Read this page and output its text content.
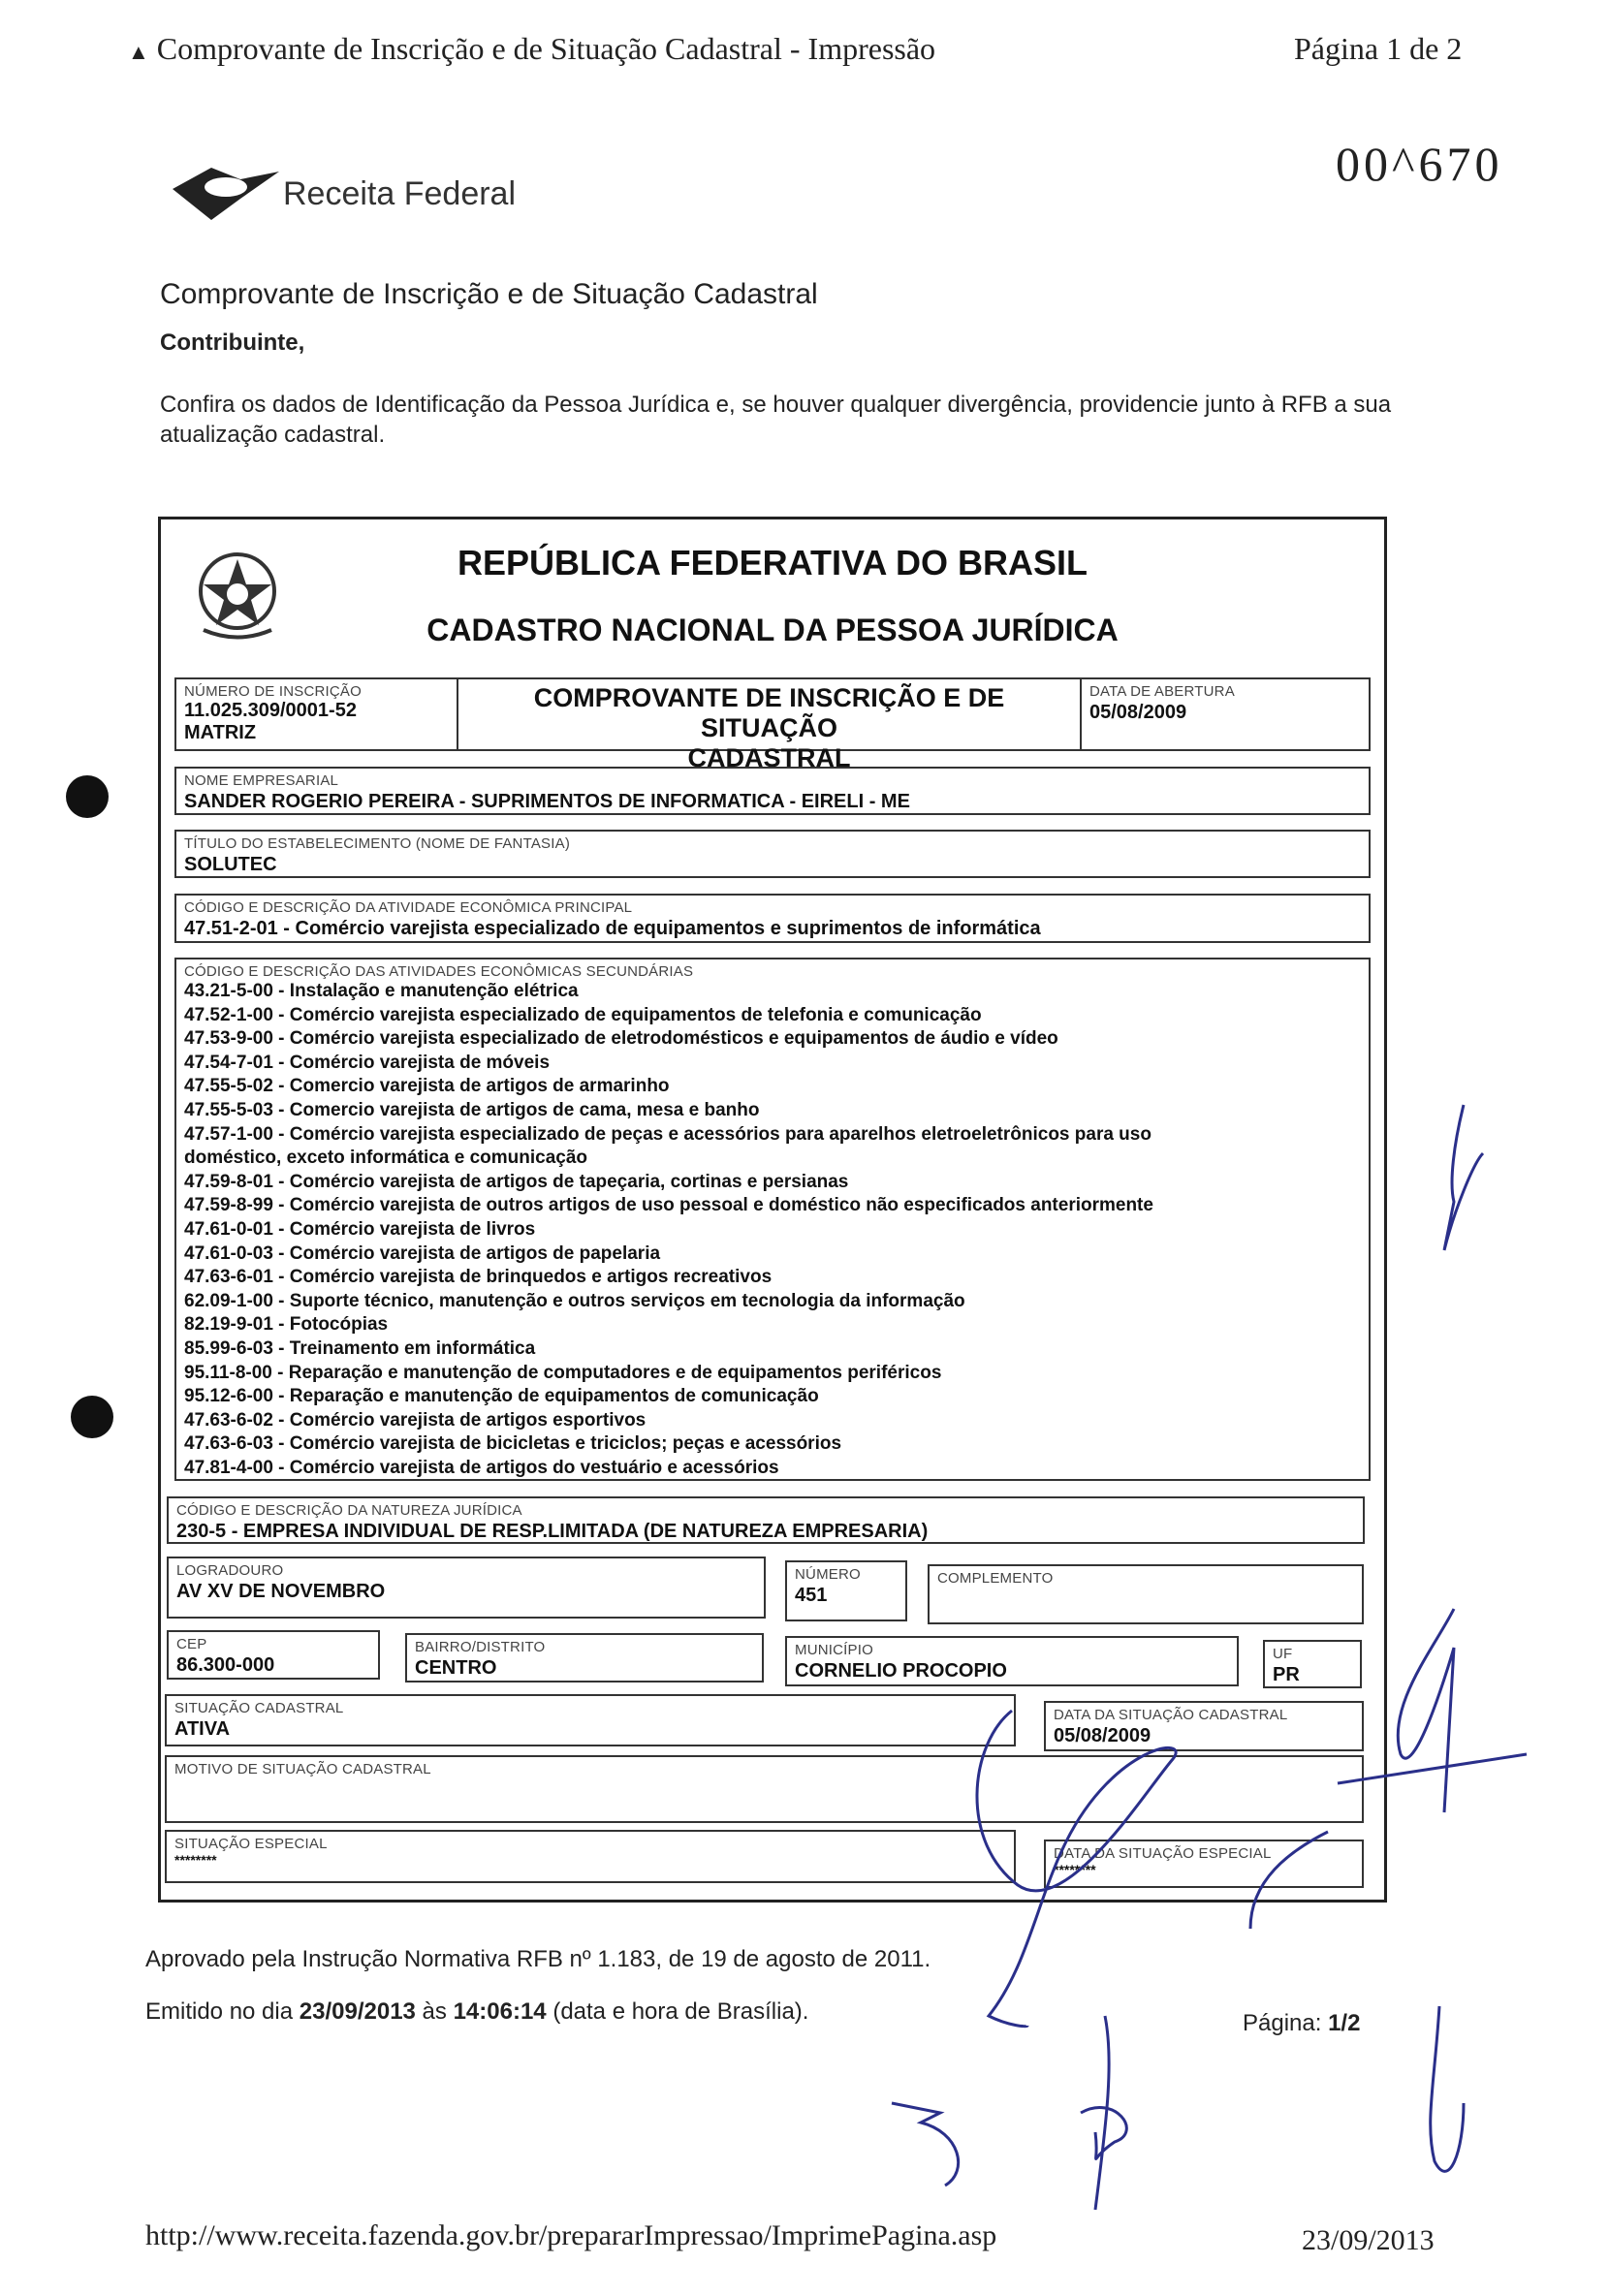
▲ Comprovante de Inscrição e de Situação Cadastral - Impressão	Página 1 de 2
00^670
Receita Federal
Comprovante de Inscrição e de Situação Cadastral
Contribuinte,
Confira os dados de Identificação da Pessoa Jurídica e, se houver qualquer divergência, providencie junto à RFB a sua atualização cadastral.
REPÚBLICA FEDERATIVA DO BRASIL
CADASTRO NACIONAL DA PESSOA JURÍDICA
NÚMERO DE INSCRIÇÃO
11.025.309/0001-52
MATRIZ
COMPROVANTE DE INSCRIÇÃO E DE SITUAÇÃO
CADASTRAL
DATA DE ABERTURA
05/08/2009
NOME EMPRESARIAL
SANDER ROGERIO PEREIRA - SUPRIMENTOS DE INFORMATICA - EIRELI - ME
TÍTULO DO ESTABELECIMENTO (NOME DE FANTASIA)
SOLUTEC
CÓDIGO E DESCRIÇÃO DA ATIVIDADE ECONÔMICA PRINCIPAL
47.51-2-01 - Comércio varejista especializado de equipamentos e suprimentos de informática
CÓDIGO E DESCRIÇÃO DAS ATIVIDADES ECONÔMICAS SECUNDÁRIAS
43.21-5-00 - Instalação e manutenção elétrica
47.52-1-00 - Comércio varejista especializado de equipamentos de telefonia e comunicação
47.53-9-00 - Comércio varejista especializado de eletrodomésticos e equipamentos de áudio e vídeo
47.54-7-01 - Comércio varejista de móveis
47.55-5-02 - Comercio varejista de artigos de armarinho
47.55-5-03 - Comercio varejista de artigos de cama, mesa e banho
47.57-1-00 - Comércio varejista especializado de peças e acessórios para aparelhos eletroeletrônicos para uso
doméstico, exceto informática e comunicação
47.59-8-01 - Comércio varejista de artigos de tapeçaria, cortinas e persianas
47.59-8-99 - Comércio varejista de outros artigos de uso pessoal e doméstico não especificados anteriormente
47.61-0-01 - Comércio varejista de livros
47.61-0-03 - Comércio varejista de artigos de papelaria
47.63-6-01 - Comércio varejista de brinquedos e artigos recreativos
62.09-1-00 - Suporte técnico, manutenção e outros serviços em tecnologia da informação
82.19-9-01 - Fotocópias
85.99-6-03 - Treinamento em informática
95.11-8-00 - Reparação e manutenção de computadores e de equipamentos periféricos
95.12-6-00 - Reparação e manutenção de equipamentos de comunicação
47.63-6-02 - Comércio varejista de artigos esportivos
47.63-6-03 - Comércio varejista de bicicletas e triciclos; peças e acessórios
47.81-4-00 - Comércio varejista de artigos do vestuário e acessórios
CÓDIGO E DESCRIÇÃO DA NATUREZA JURÍDICA
230-5 - EMPRESA INDIVIDUAL DE RESP.LIMITADA (DE NATUREZA EMPRESARIA)
LOGRADOURO
AV XV DE NOVEMBRO
NÚMERO
451
COMPLEMENTO
CEP
86.300-000
BAIRRO/DISTRITO
CENTRO
MUNICÍPIO
CORNELIO PROCOPIO
UF
PR
SITUAÇÃO CADASTRAL
ATIVA
DATA DA SITUAÇÃO CADASTRAL
05/08/2009
MOTIVO DE SITUAÇÃO CADASTRAL
SITUAÇÃO ESPECIAL
********	DATA DA SITUAÇÃO ESPECIAL
********
Aprovado pela Instrução Normativa RFB nº 1.183, de 19 de agosto de 2011.
Emitido no dia 23/09/2013 às 14:06:14 (data e hora de Brasília).	Página: 1/2
http://www.receita.fazenda.gov.br/prepararImpressao/ImprimePagina.asp	23/09/2013
